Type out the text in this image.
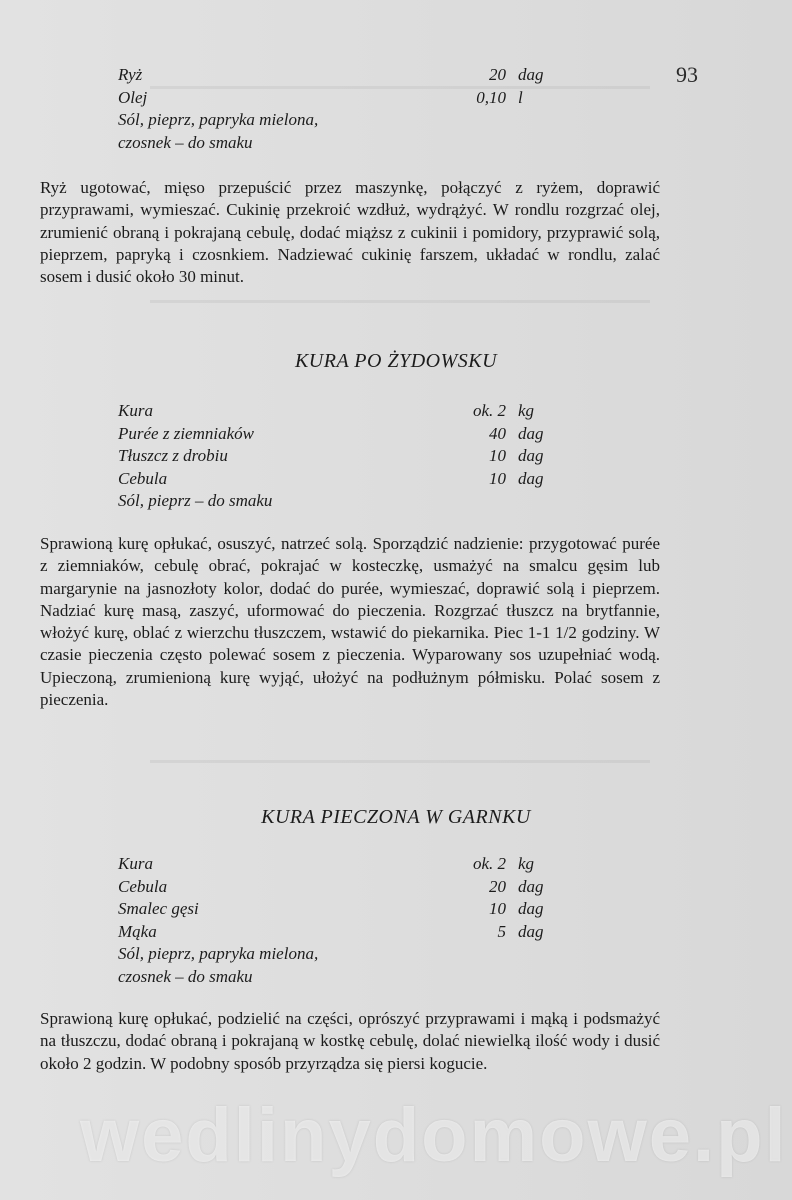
93
Ryż	20 dag
Olej	0,10 l
Sól, pieprz, papryka mielona,
czosnek – do smaku
Ryż ugotować, mięso przepuścić przez maszynkę, połączyć z ryżem, doprawić przyprawami, wymieszać. Cukinię przekroić wzdłuż, wydrążyć. W rondlu rozgrzać olej, zrumienić obraną i pokrajaną cebulę, dodać miąższ z cukinii i pomidory, przyprawić solą, pieprzem, papryką i czosnkiem. Nadziewać cukinię farszem, układać w rondlu, zalać sosem i dusić około 30 minut.
KURA PO ŻYDOWSKU
Kura	ok. 2 kg
Purée z ziemniaków	40 dag
Tłuszcz z drobiu	10 dag
Cebula	10 dag
Sól, pieprz – do smaku
Sprawioną kurę opłukać, osuszyć, natrzeć solą. Sporządzić nadzienie: przygotować purée z ziemniaków, cebulę obrać, pokrajać w kosteczkę, usmażyć na smalcu gęsim lub margarynie na jasnozłoty kolor, dodać do purée, wymieszać, doprawić solą i pieprzem. Nadziać kurę masą, zaszyć, uformować do pieczenia. Rozgrzać tłuszcz na brytfannie, włożyć kurę, oblać z wierzchu tłuszczem, wstawić do piekarnika. Piec 1-1 1/2 godziny. W czasie pieczenia często polewać sosem z pieczenia. Wyparowany sos uzupełniać wodą. Upieczoną, zrumienioną kurę wyjąć, ułożyć na podłużnym półmisku. Polać sosem z pieczenia.
KURA PIECZONA W GARNKU
Kura	ok. 2 kg
Cebula	20 dag
Smalec gęsi	10 dag
Mąka	5 dag
Sól, pieprz, papryka mielona,
czosnek – do smaku
Sprawioną kurę opłukać, podzielić na części, oprószyć przyprawami i mąką i podsmażyć na tłuszczu, dodać obraną i pokrajaną w kostkę cebulę, dolać niewielką ilość wody i dusić około 2 godzin. W podobny sposób przyrządza się piersi kogucie.
wedlinydomowe.pl
